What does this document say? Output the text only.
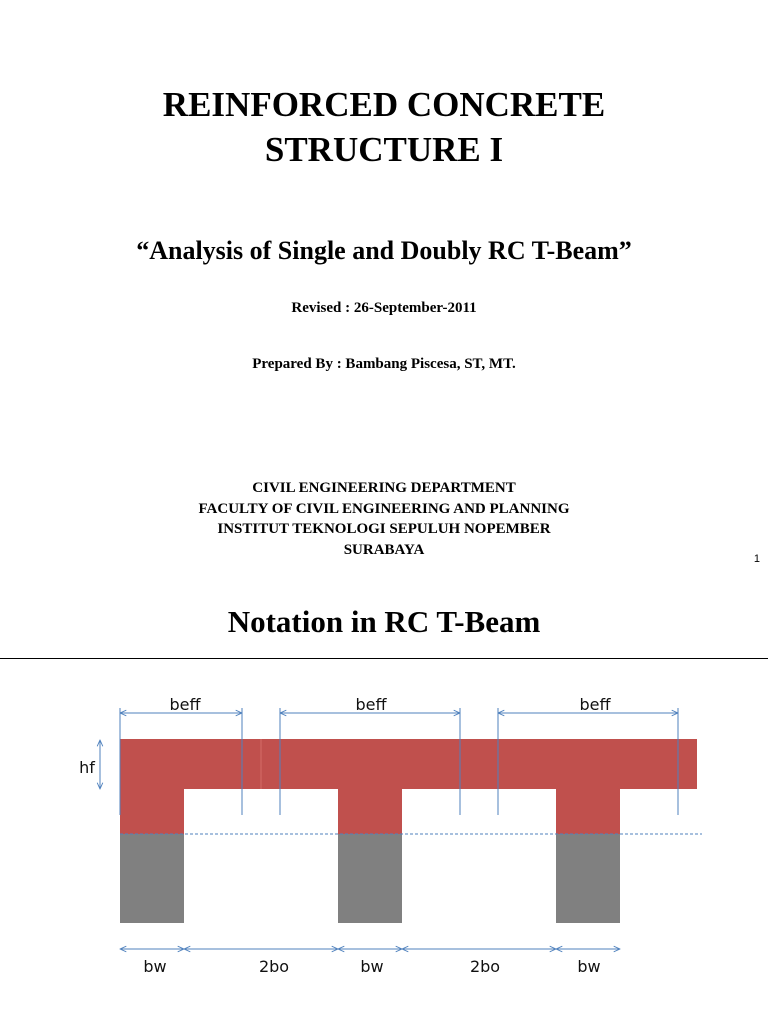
REINFORCED CONCRETE
STRUCTURE I
“Analysis of Single and Doubly RC T-Beam”
Revised : 26-September-2011
Prepared By : Bambang Piscesa, ST, MT.
CIVIL ENGINEERING DEPARTMENT
FACULTY OF CIVIL ENGINEERING AND PLANNING
INSTITUT TEKNOLOGI SEPULUH NOPEMBER
SURABAYA
1
Notation in RC T-Beam
beff	beff	beff
hf
bw	2bo	bw	2bo	bw
